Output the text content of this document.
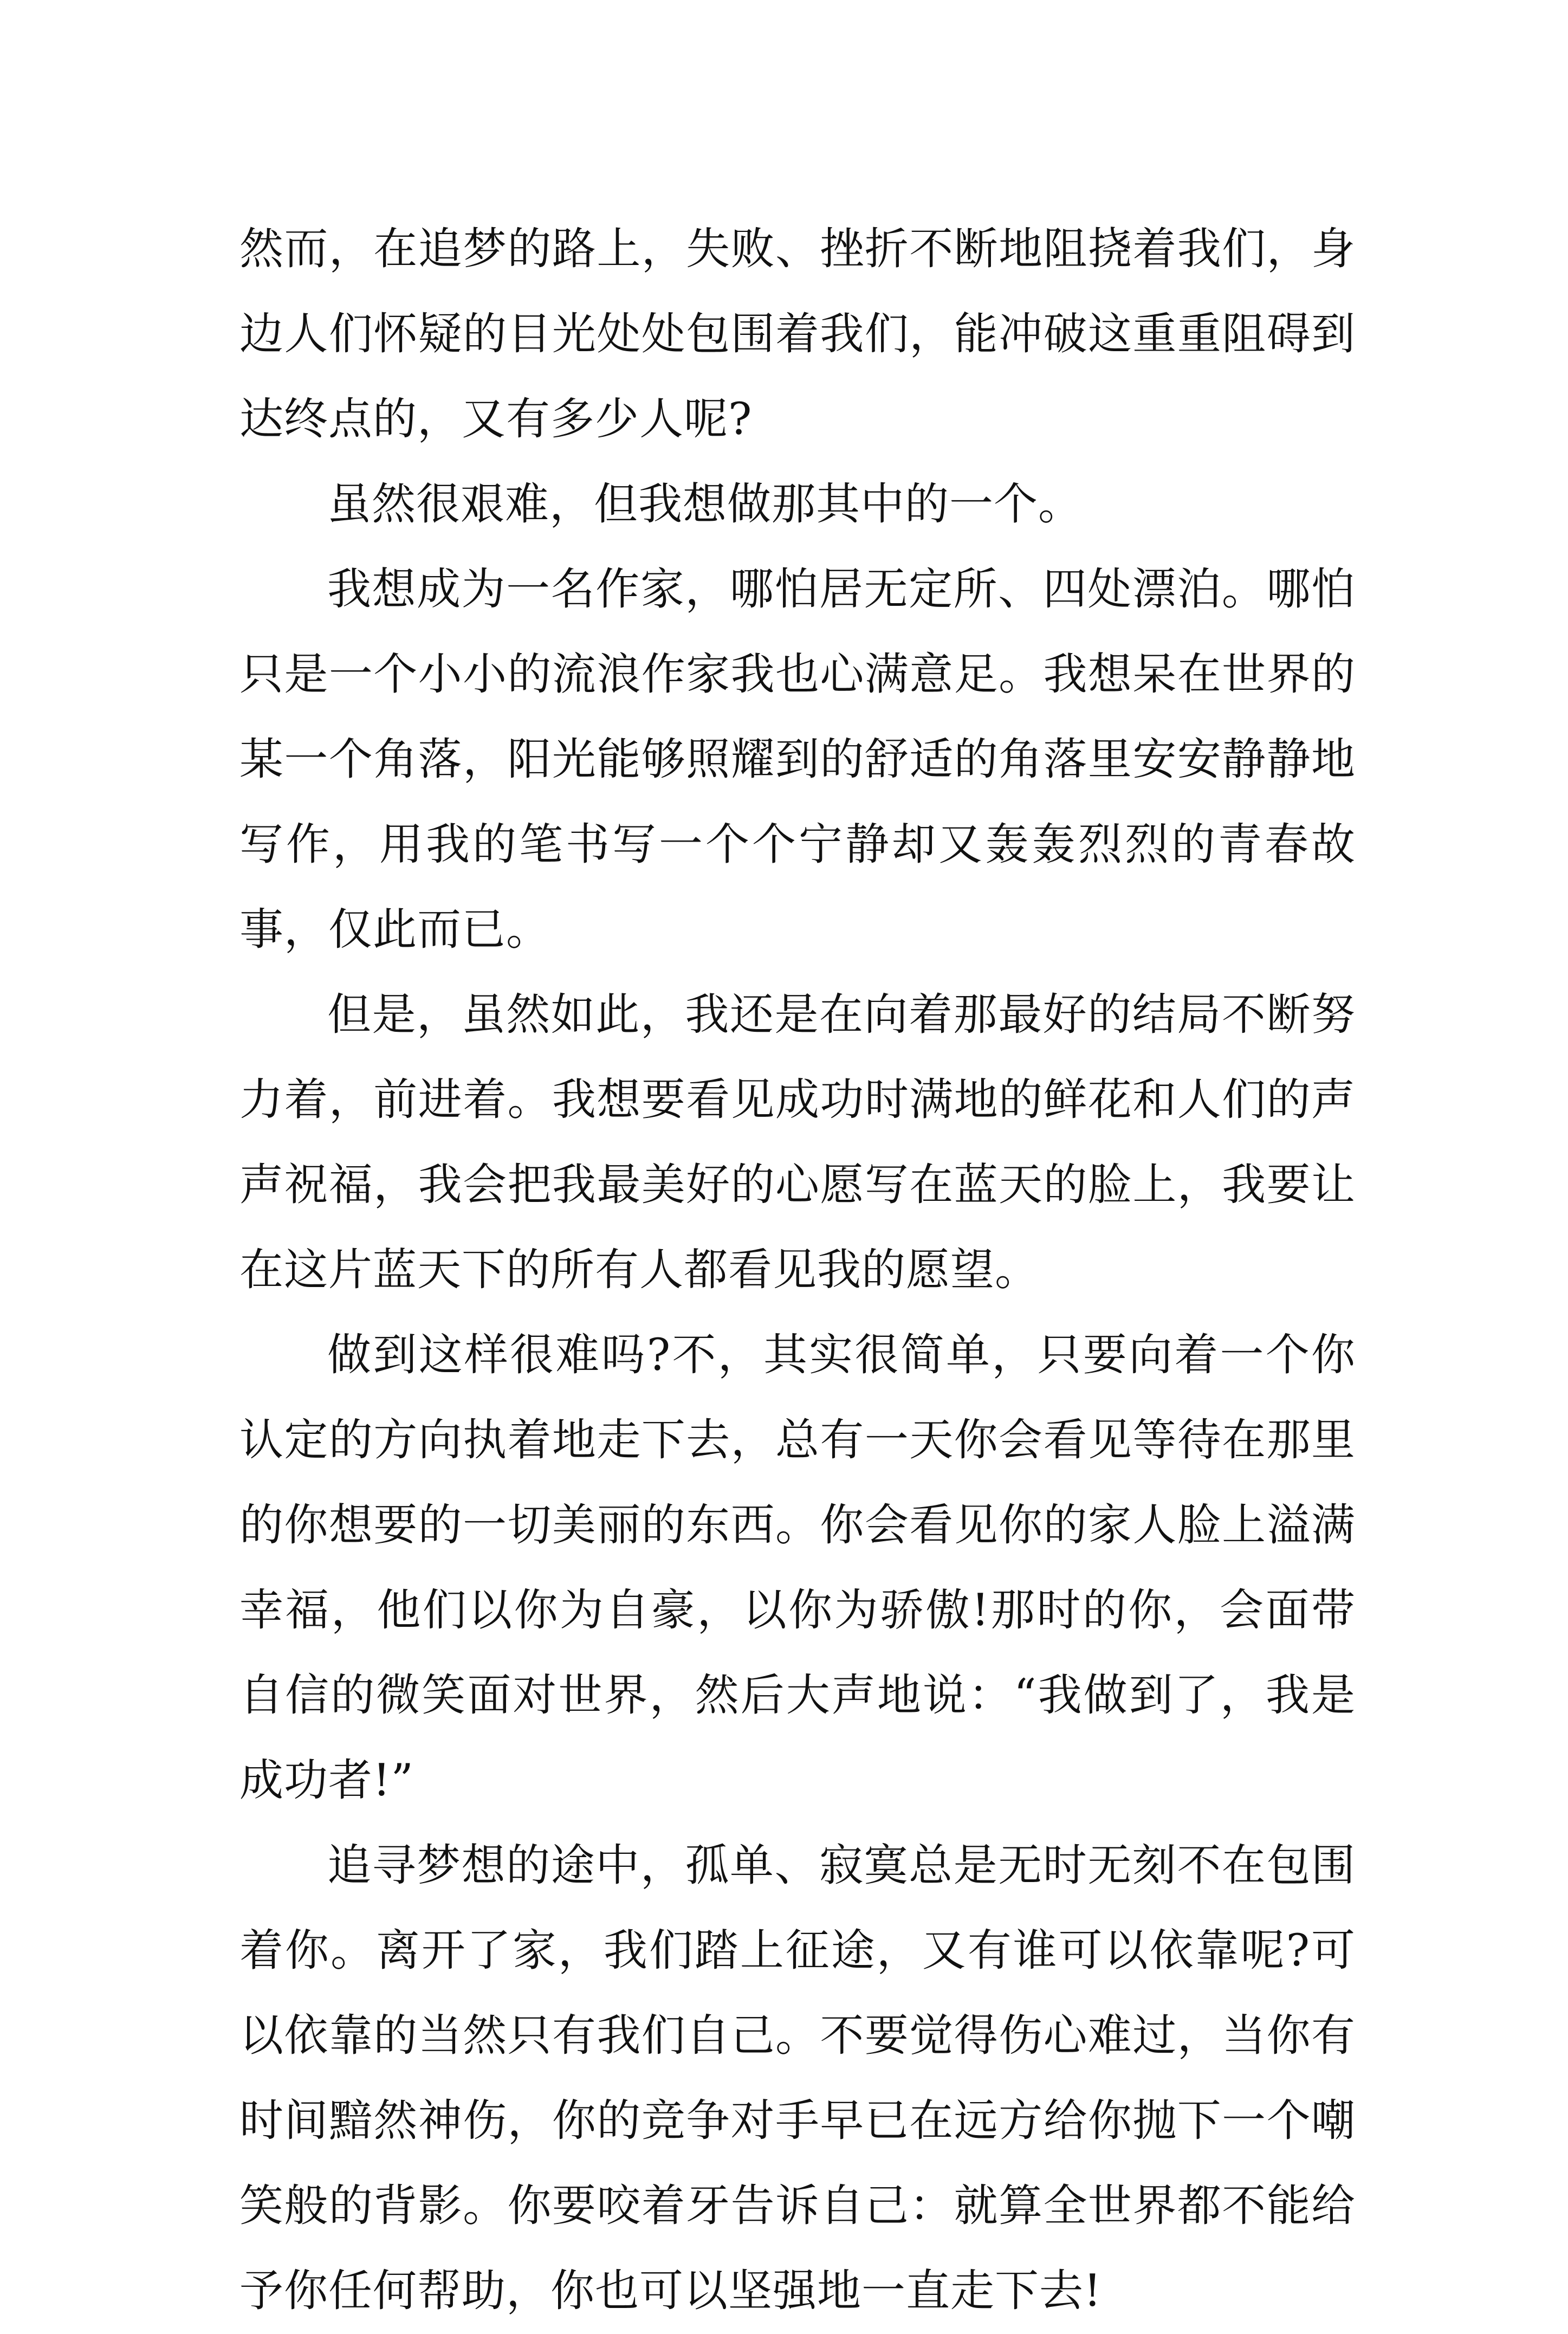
然而，在追梦的路上，失败、挫折不断地阻挠着我们，身边人们怀疑的目光处处包围着我们，能冲破这重重阻碍到达终点的，又有多少人呢?

虽然很艰难，但我想做那其中的一个。

我想成为一名作家，哪怕居无定所、四处漂泊。哪怕只是一个小小的流浪作家我也心满意足。我想呆在世界的某一个角落，阳光能够照耀到的舒适的角落里安安静静地写作，用我的笔书写一个个宁静却又轰轰烈烈的青春故事，仅此而已。

但是，虽然如此，我还是在向着那最好的结局不断努力着，前进着。我想要看见成功时满地的鲜花和人们的声声祝福，我会把我最美好的心愿写在蓝天的脸上，我要让在这片蓝天下的所有人都看见我的愿望。

做到这样很难吗?不，其实很简单，只要向着一个你认定的方向执着地走下去，总有一天你会看见等待在那里的你想要的一切美丽的东西。你会看见你的家人脸上溢满幸福，他们以你为自豪，以你为骄傲!那时的你，会面带自信的微笑面对世界，然后大声地说：“我做到了，我是成功者!”

追寻梦想的途中，孤单、寂寞总是无时无刻不在包围着你。离开了家，我们踏上征途，又有谁可以依靠呢?可以依靠的当然只有我们自己。不要觉得伤心难过，当你有时间黯然神伤，你的竞争对手早已在远方给你抛下一个嘲笑般的背影。你要咬着牙告诉自己：就算全世界都不能给予你任何帮助，你也可以坚强地一直走下去!
